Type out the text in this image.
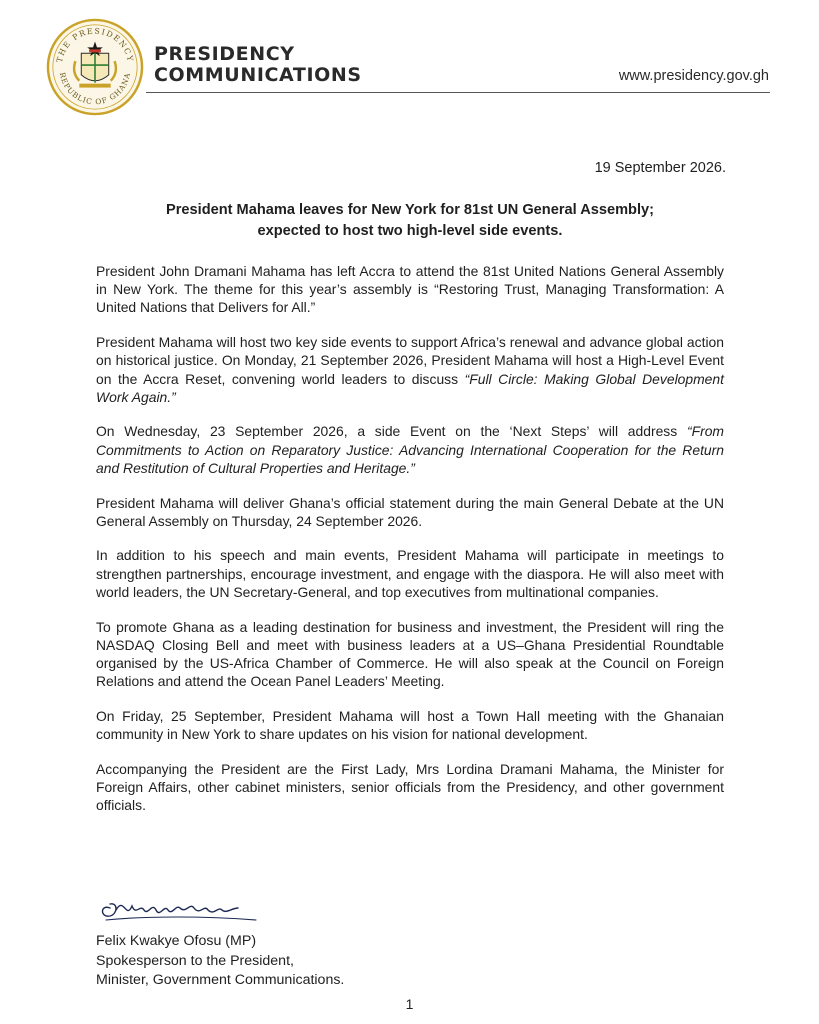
THE PRESIDENCY
REPUBLIC OF GHANA
PRESIDENCY
COMMUNICATIONS	www.presidency.gov.gh
19 September 2026.
President Mahama leaves for New York for 81st UN General Assembly;
expected to host two high-level side events.

President John Dramani Mahama has left Accra to attend the 81st United Nations General Assembly in New York. The theme for this year’s assembly is “Restoring Trust, Managing Transformation: A United Nations that Delivers for All.”

President Mahama will host two key side events to support Africa’s renewal and advance global action on historical justice. On Monday, 21 September 2026, President Mahama will host a High-Level Event on the Accra Reset, convening world leaders to discuss “Full Circle: Making Global Development Work Again.”

On Wednesday, 23 September 2026, a side Event on the ‘Next Steps’ will address “From Commitments to Action on Reparatory Justice: Advancing International Cooperation for the Return and Restitution of Cultural Properties and Heritage.”

President Mahama will deliver Ghana’s official statement during the main General Debate at the UN General Assembly on Thursday, 24 September 2026.

In addition to his speech and main events, President Mahama will participate in meetings to strengthen partnerships, encourage investment, and engage with the diaspora. He will also meet with world leaders, the UN Secretary-General, and top executives from multinational companies.

To promote Ghana as a leading destination for business and investment, the President will ring the NASDAQ Closing Bell and meet with business leaders at a US–Ghana Presidential Roundtable organised by the US-Africa Chamber of Commerce. He will also speak at the Council on Foreign Relations and attend the Ocean Panel Leaders’ Meeting.

On Friday, 25 September, President Mahama will host a Town Hall meeting with the Ghanaian community in New York to share updates on his vision for national development.

Accompanying the President are the First Lady, Mrs Lordina Dramani Mahama, the Minister for Foreign Affairs, other cabinet ministers, senior officials from the Presidency, and other government officials.

Felix Kwakye Ofosu (MP)
Spokesperson to the President,
Minister, Government Communications.
1
